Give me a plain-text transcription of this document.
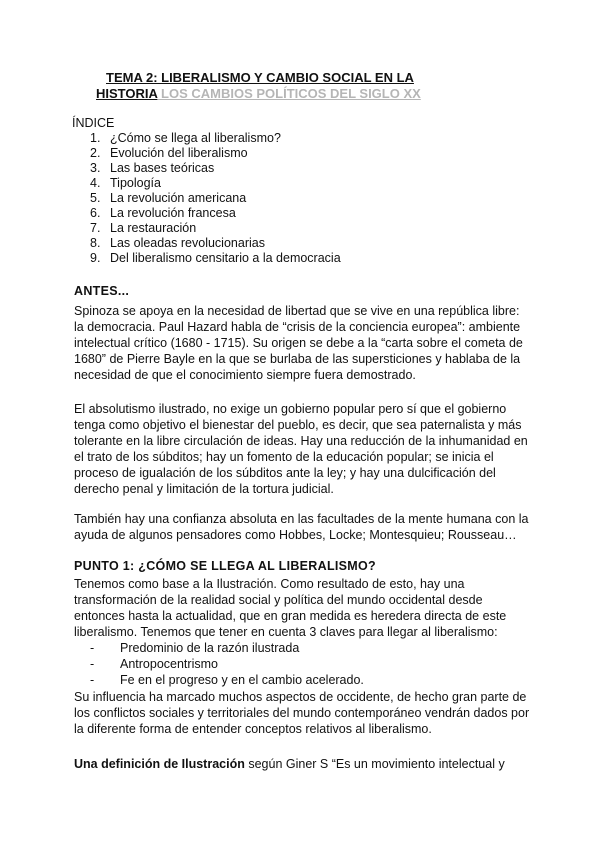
TEMA 2: LIBERALISMO Y CAMBIO SOCIAL EN LA
HISTORIA LOS CAMBIOS POLÍTICOS DEL SIGLO XX
ÍNDICE
1. ¿Cómo se llega al liberalismo?
2. Evolución del liberalismo
3. Las bases teóricas
4. Tipología
5. La revolución americana
6. La revolución francesa
7. La restauración
8. Las oleadas revolucionarias
9. Del liberalismo censitario a la democracia
ANTES...

Spinoza se apoya en la necesidad de libertad que se vive en una república libre: la democracia. Paul Hazard habla de “crisis de la conciencia europea”: ambiente intelectual crítico (1680 - 1715). Su origen se debe a la “carta sobre el cometa de 1680” de Pierre Bayle en la que se burlaba de las supersticiones y hablaba de la necesidad de que el conocimiento siempre fuera demostrado.

El absolutismo ilustrado, no exige un gobierno popular pero sí que el gobierno tenga como objetivo el bienestar del pueblo, es decir, que sea paternalista y más tolerante en la libre circulación de ideas. Hay una reducción de la inhumanidad en el trato de los súbditos; hay un fomento de la educación popular; se inicia el proceso de igualación de los súbditos ante la ley; y hay una dulcificación del derecho penal y limitación de la tortura judicial.

También hay una confianza absoluta en las facultades de la mente humana con la ayuda de algunos pensadores como Hobbes, Locke; Montesquieu; Rousseau…

PUNTO 1: ¿CÓMO SE LLEGA AL LIBERALISMO?

Tenemos como base a la Ilustración. Como resultado de esto, hay una transformación de la realidad social y política del mundo occidental desde entonces hasta la actualidad, que en gran medida es heredera directa de este liberalismo. Tenemos que tener en cuenta 3 claves para llegar al liberalismo:

- Predominio de la razón ilustrada
- Antropocentrismo
- Fe en el progreso y en el cambio acelerado.

Su influencia ha marcado muchos aspectos de occidente, de hecho gran parte de los conflictos sociales y territoriales del mundo contemporáneo vendrán dados por la diferente forma de entender conceptos relativos al liberalismo.

Una definición de Ilustración según Giner S “Es un movimiento intelectual y
